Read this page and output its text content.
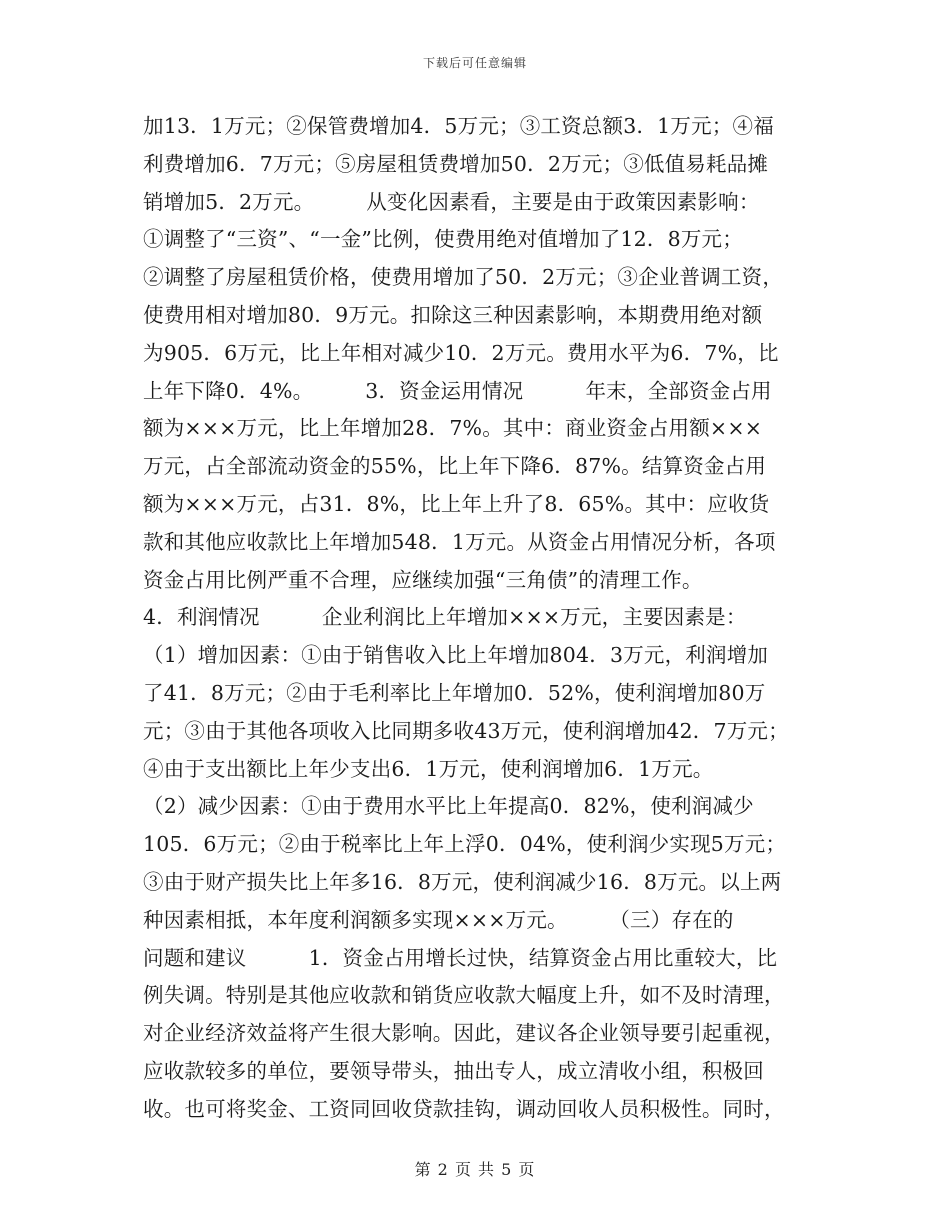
下载后可任意编辑
加13．1万元；②保管费增加4．5万元；③工资总额3．1万元；④福
利费增加6．7万元；⑤房屋租赁费增加50．2万元；③低值易耗品摊
销增加5．2万元。　　　从变化因素看，主要是由于政策因素影响：
①调整了“三资”、“一金”比例，使费用绝对值增加了12．8万元；
②调整了房屋租赁价格，使费用增加了50．2万元；③企业普调工资，
使费用相对增加80．9万元。扣除这三种因素影响，本期费用绝对额
为905．6万元，比上年相对减少10．2万元。费用水平为6．7%，比
上年下降0．4%。　　　3．资金运用情况　　　年末，全部资金占用
额为×××万元，比上年增加28．7%。其中：商业资金占用额×××
万元，占全部流动资金的55%，比上年下降6．87%。结算资金占用
额为×××万元，占31．8%，比上年上升了8．65%。其中：应收货
款和其他应收款比上年增加548．1万元。从资金占用情况分析，各项
资金占用比例严重不合理，应继续加强“三角债”的清理工作。
4．利润情况　　　企业利润比上年增加×××万元，主要因素是：
（1）增加因素：①由于销售收入比上年增加804．3万元，利润增加
了41．8万元；②由于毛利率比上年增加0．52%，使利润增加80万
元；③由于其他各项收入比同期多收43万元，使利润增加42．7万元；
④由于支出额比上年少支出6．1万元，使利润增加6．1万元。
（2）减少因素：①由于费用水平比上年提高0．82%，使利润减少
105．6万元；②由于税率比上年上浮0．04%，使利润少实现5万元；
③由于财产损失比上年多16．8万元，使利润减少16．8万元。以上两
种因素相抵，本年度利润额多实现×××万元。　　　（三）存在的
问题和建议　　　1．资金占用增长过快，结算资金占用比重较大，比
例失调。特别是其他应收款和销货应收款大幅度上升，如不及时清理，
对企业经济效益将产生很大影响。因此，建议各企业领导要引起重视，
应收款较多的单位，要领导带头，抽出专人，成立清收小组，积极回
收。也可将奖金、工资同回收贷款挂钩，调动回收人员积极性。同时，
第 2 页 共 5 页
